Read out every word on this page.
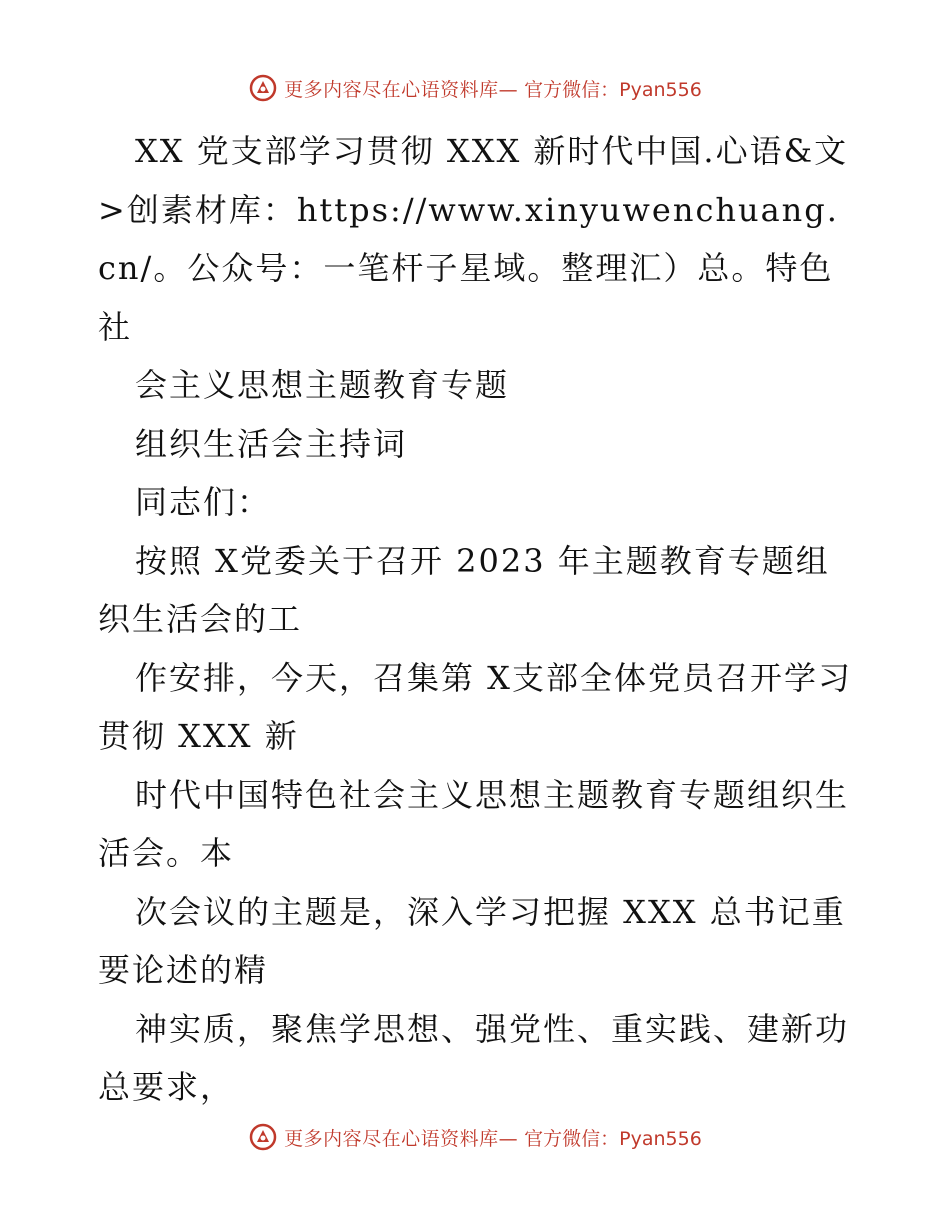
更多内容尽在心语资料库— 官方微信：Pyan556

XX 党支部学习贯彻 XXX 新时代中国.心语&文>创素材库：https://www.xinyuwenchuang.cn/。公众号：一笔杆子星域。整理汇）总。特色社

会主义思想主题教育专题

组织生活会主持词

同志们：

按照 X党委关于召开 2023 年主题教育专题组织生活会的工

作安排，今天，召集第 X支部全体党员召开学习贯彻 XXX 新

时代中国特色社会主义思想主题教育专题组织生活会。本

次会议的主题是，深入学习把握 XXX 总书记重要论述的精

神实质，聚焦学思想、强党性、重实践、建新功总要求，

更多内容尽在心语资料库— 官方微信：Pyan556
